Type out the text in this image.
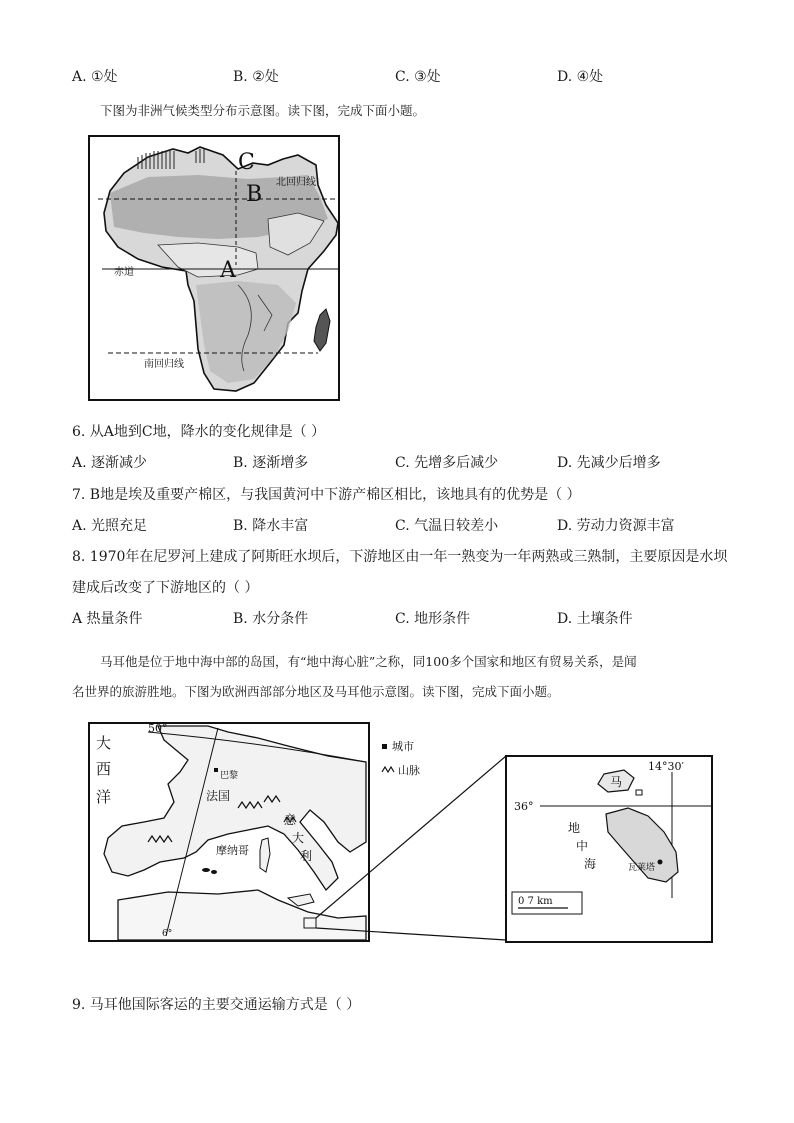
A. ①处	B. ②处	C. ③处	D. ④处
下图为非洲气候类型分布示意图。读下图，完成下面小题。
C
B
A
北回归线
赤道
南回归线
6. 从A地到C地，降水的变化规律是（ ）
A. 逐渐减少	B. 逐渐增多	C. 先增多后减少	D. 先减少后增多
7. B地是埃及重要产棉区，与我国黄河中下游产棉区相比，该地具有的优势是（ ）
A. 光照充足	B. 降水丰富	C. 气温日较差小	D. 劳动力资源丰富
8. 1970年在尼罗河上建成了阿斯旺水坝后，下游地区由一年一熟变为一年两熟或三熟制，主要原因是水坝
建成后改变了下游地区的（ ）
A 热量条件	B. 水分条件	C. 地形条件	D. 土壤条件
马耳他是位于地中海中部的岛国，有“地中海心脏”之称，同100多个国家和地区有贸易关系，是闻
名世界的旅游胜地。下图为欧洲西部部分地区及马耳他示意图。读下图，完成下面小题。
50°
大
西
洋
巴黎
法国
摩纳哥
意
大
利
6°
城市
山脉	14°30′
36°
马
地
中
海	瓦莱塔
0 7 km
9. 马耳他国际客运的主要交通运输方式是（ ）
